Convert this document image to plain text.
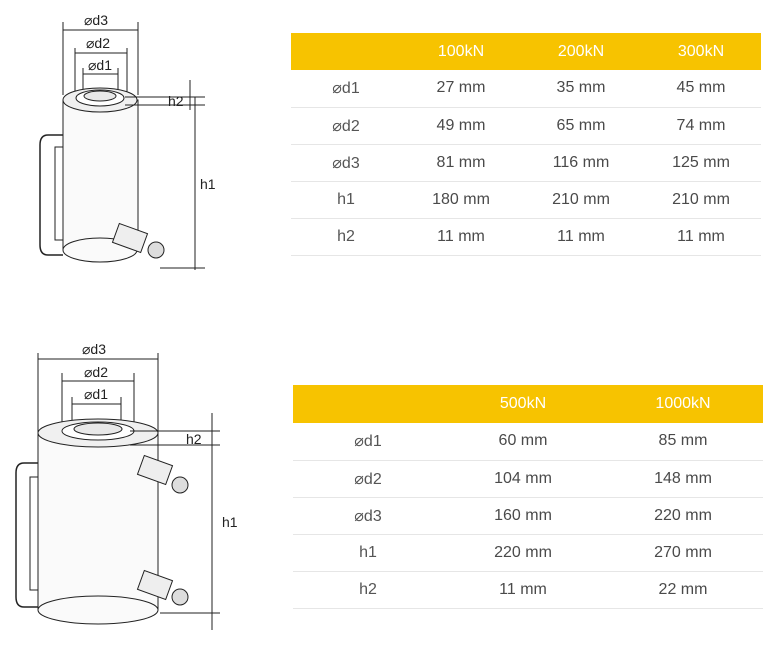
⌀d3
⌀d2
⌀d1
h2
h1
	100kN	200kN	300kN
⌀d1	27 mm	35 mm	45 mm
⌀d2	49 mm	65 mm	74 mm
⌀d3	81 mm	116 mm	125 mm
h1	180 mm	210 mm	210 mm
h2	11 mm	11 mm	11 mm
⌀d3
⌀d2
⌀d1
h2
h1
	500kN	1000kN
⌀d1	60 mm	85 mm
⌀d2	104 mm	148 mm
⌀d3	160 mm	220 mm
h1	220 mm	270 mm
h2	11 mm	22 mm
